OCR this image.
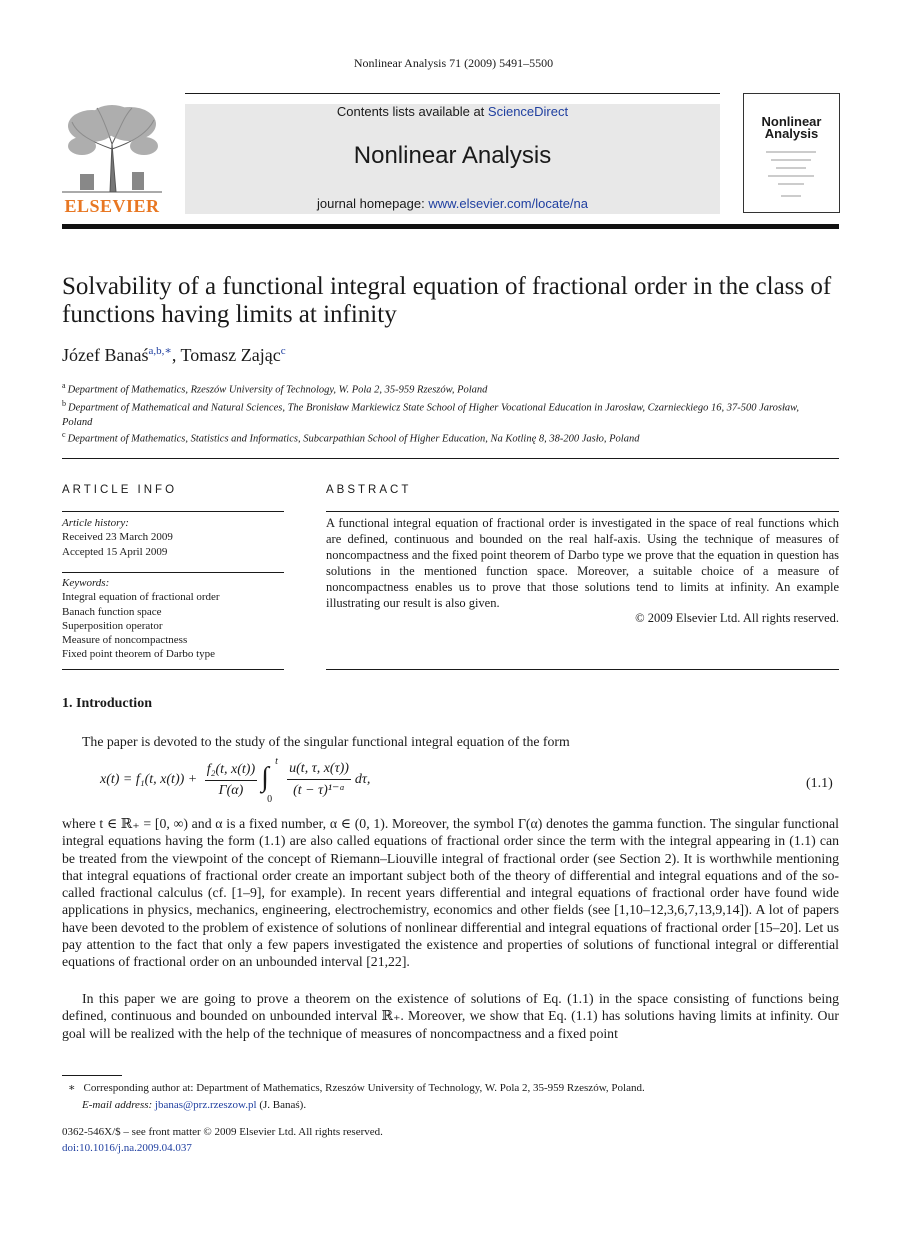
Nonlinear Analysis 71 (2009) 5491–5500
ELSEVIER
Contents lists available at ScienceDirect
Nonlinear Analysis
journal homepage: www.elsevier.com/locate/na
Nonlinear
Analysis
Solvability of a functional integral equation of fractional order in the class of functions having limits at infinity
Józef Banaś$^{a,b,∗}$, Tomasz Zając$^c$
$^a$ Department of Mathematics, Rzeszów University of Technology, W. Pola 2, 35-959 Rzeszów, Poland
$^b$ Department of Mathematical and Natural Sciences, The Bronisław Markiewicz State School of Higher Vocational Education in Jarosław, Czarnieckiego 16, 37-500 Jarosław, Poland
$^c$ Department of Mathematics, Statistics and Informatics, Subcarpathian School of Higher Education, Na Kotlinę 8, 38-200 Jasło, Poland
ARTICLE INFO
Article history:
Received 23 March 2009
Accepted 15 April 2009
Keywords:
Integral equation of fractional order
Banach function space
Superposition operator
Measure of noncompactness
Fixed point theorem of Darbo type
ABSTRACT
A functional integral equation of fractional order is investigated in the space of real functions which are defined, continuous and bounded on the real half-axis. Using the technique of measures of noncompactness and the fixed point theorem of Darbo type we prove that the equation in question has solutions in the mentioned function space. Moreover, a suitable choice of a measure of noncompactness enables us to prove that those solutions tend to limits at infinity. An example illustrating our result is also given.
© 2009 Elsevier Ltd. All rights reserved.
1. Introduction
The paper is devoted to the study of the singular functional integral equation of the form
x(t) = f₁(t, $x(t)) + \frac{\text{f₂(t, x(t))}}{\Gamma(\alpha)}$ ∫
t
0
$\frac{u(t, \tau, x(\tau))}{\text{(t − τ)¹⁻ᵅ}} d\tau$,	(1.1)
where t ∈ ℝ₊ = [0, ∞) and α is a fixed number, α ∈ (0, 1). Moreover, the symbol Γ(α) denotes the gamma function. The singular functional integral equations having the form (1.1) are also called equations of fractional order since the term with the integral appearing in (1.1) can be treated from the viewpoint of the concept of Riemann–Liouville integral of fractional order (see Section 2). It is worthwhile mentioning that integral equations of fractional order create an important subject both of the theory of differential and integral equations and of the so-called fractional calculus (cf. [1–9], for example). In recent years differential and integral equations of fractional order have found wide applications in physics, mechanics, engineering, electrochemistry, economics and other fields (see [1,10–12,3,6,7,13,9,14]). A lot of papers have been devoted to the problem of existence of solutions of nonlinear differential and integral equations of fractional order [15–20]. Let us pay attention to the fact that only a few papers investigated the existence and properties of solutions of functional integral or differential equations of fractional order on an unbounded interval [21,22].
In this paper we are going to prove a theorem on the existence of solutions of Eq. (1.1) in the space consisting of functions being defined, continuous and bounded on unbounded interval ℝ₊. Moreover, we show that Eq. (1.1) has solutions having limits at infinity. Our goal will be realized with the help of the technique of measures of noncompactness and a fixed point
∗ Corresponding author at: Department of Mathematics, Rzeszów University of Technology, W. Pola 2, 35-959 Rzeszów, Poland.
E-mail address: jbanas@prz.rzeszow.pl (J. Banaś).
0362-546X/$ – see front matter © 2009 Elsevier Ltd. All rights reserved.
doi:10.1016/j.na.2009.04.037
